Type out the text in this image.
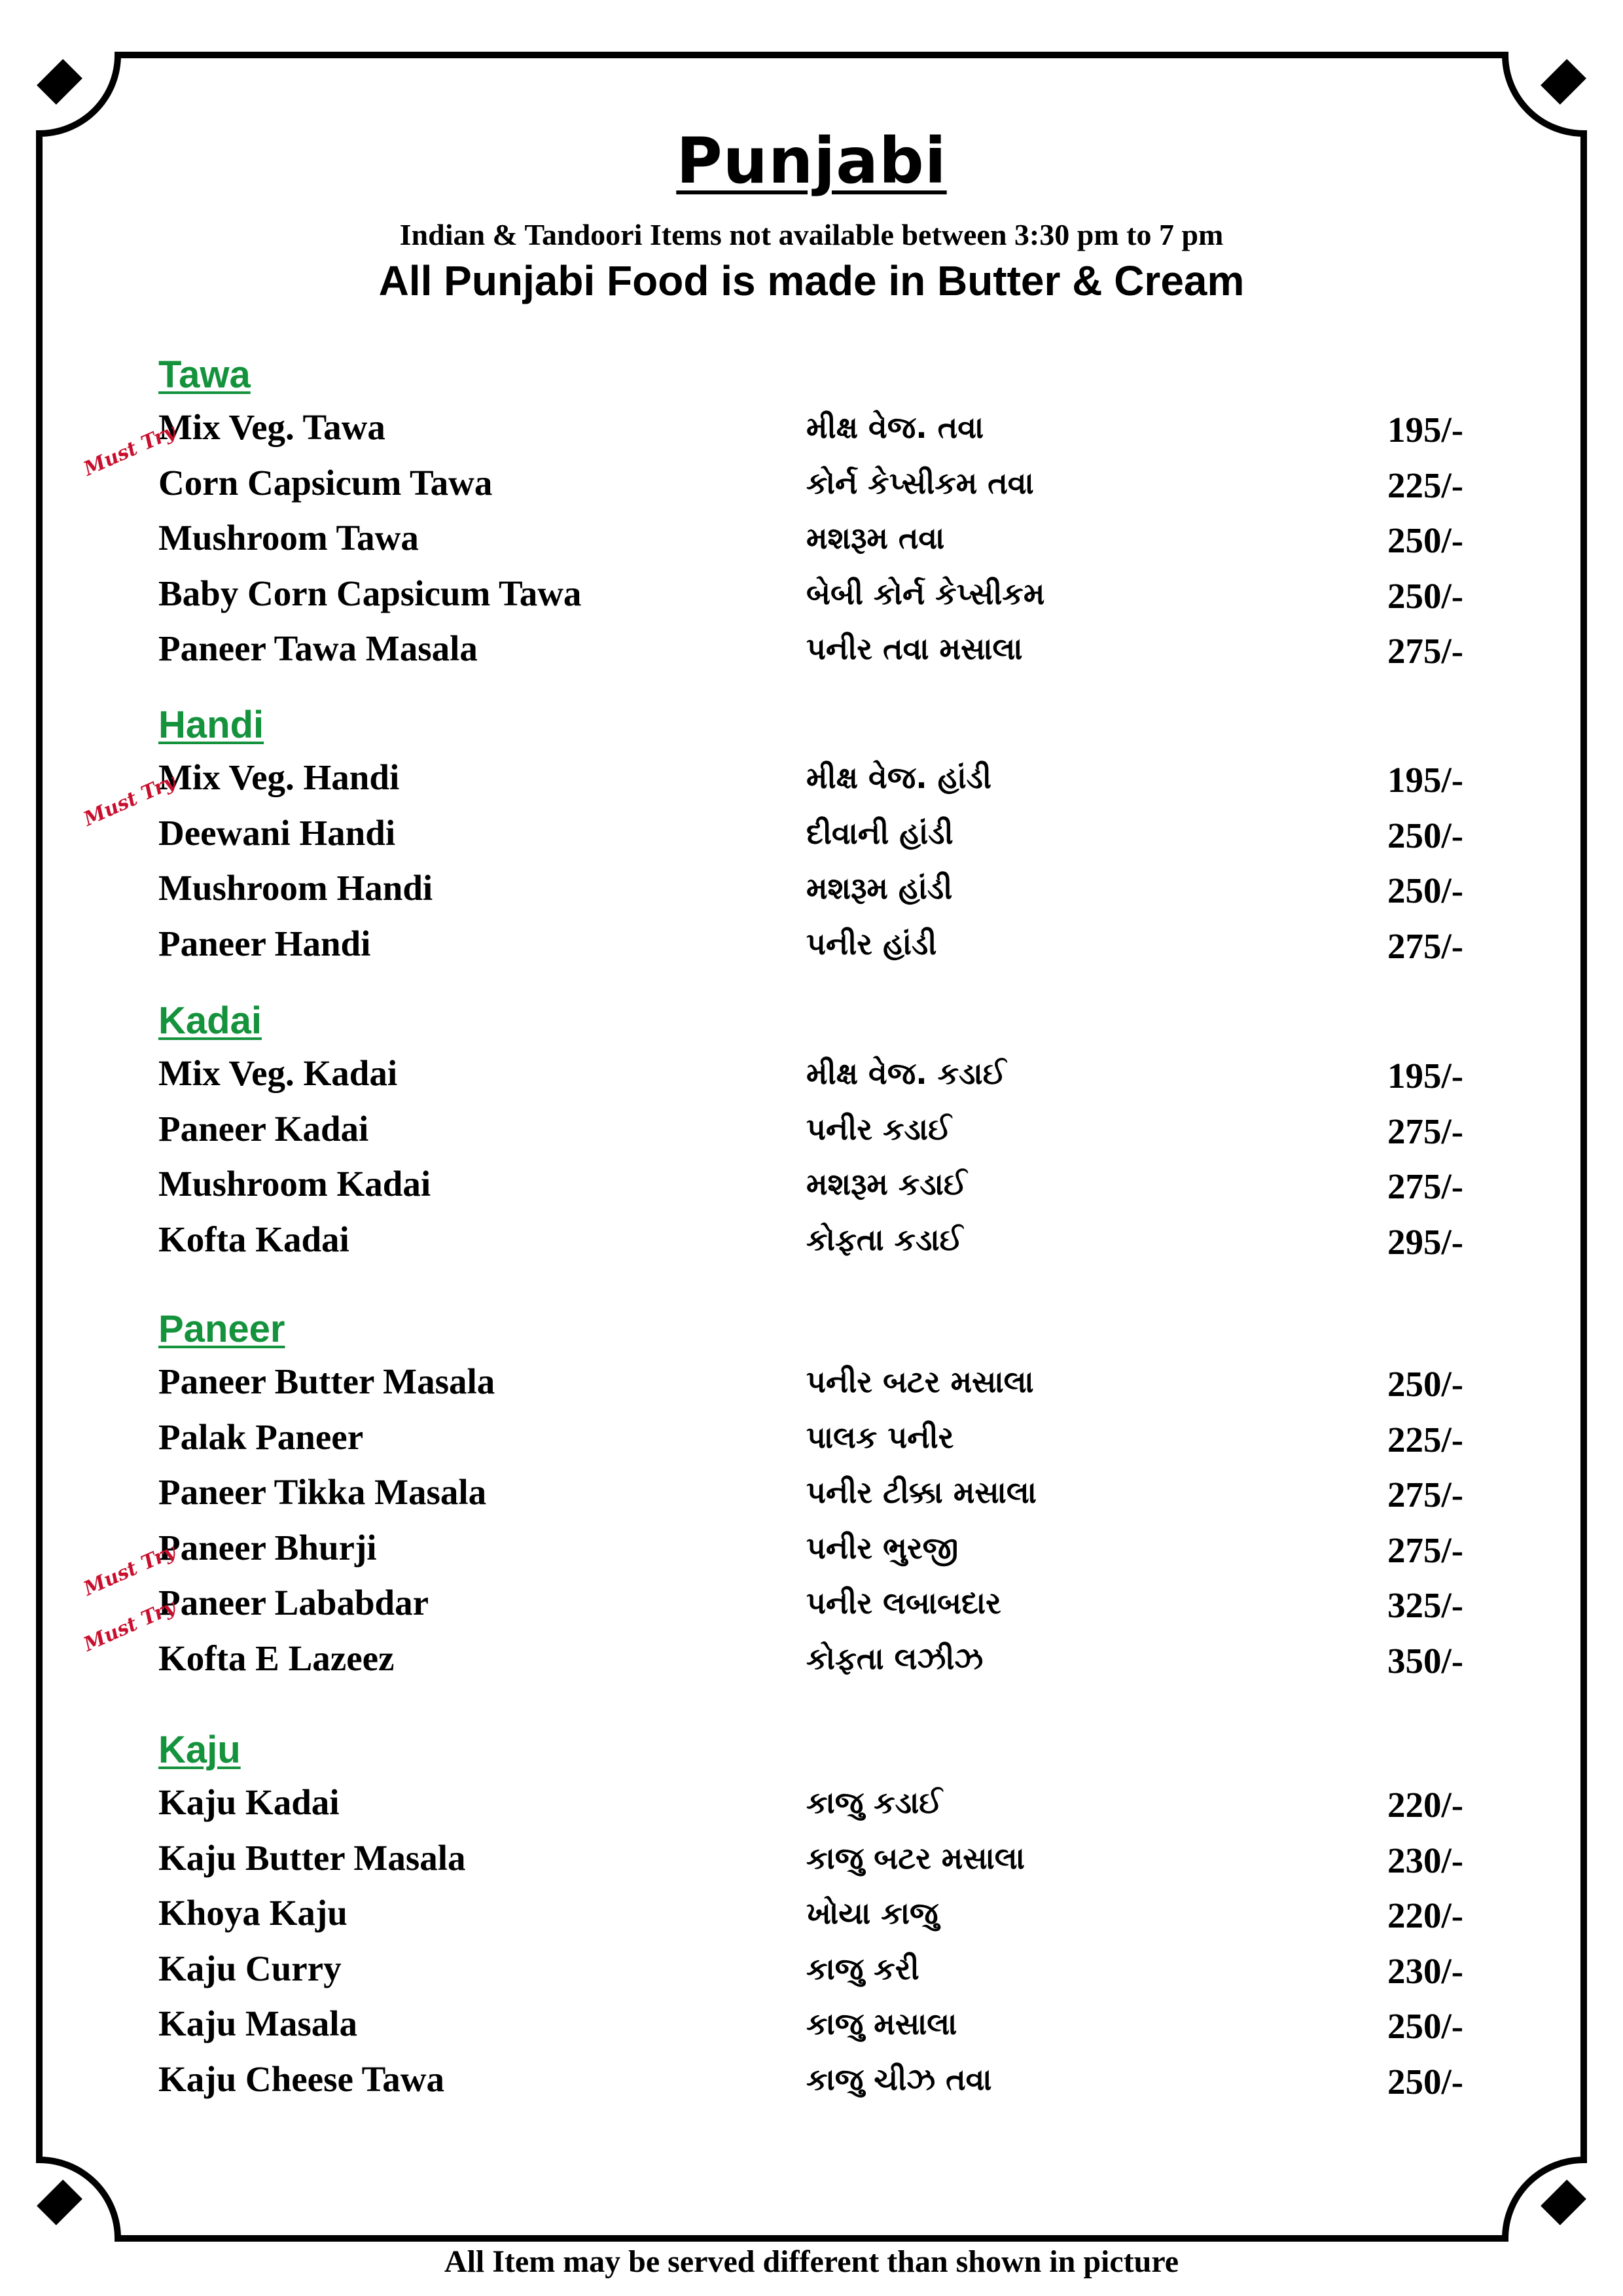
Punjabi
Indian & Tandoori Items not available between 3:30 pm to 7 pm
All Punjabi Food is made in Butter & Cream
Tawa
Mix Veg. Tawa	મીક્ષ વેજ. તવા	195/-
Must Try
Corn Capsicum Tawa	કોર્ન કેપ્સીકમ તવા	225/-
Mushroom Tawa	મશરૂમ તવા	250/-
Baby Corn Capsicum Tawa	બેબી કોર્ન કેપ્સીકમ	250/-
Paneer Tawa Masala	પનીર તવા મસાલા	275/-
Handi
Mix Veg. Handi	મીક્ષ વેજ. હાંડી	195/-
Must Try
Deewani Handi	દીવાની હાંડી	250/-
Mushroom Handi	મશરૂમ હાંડી	250/-
Paneer Handi	પનીર હાંડી	275/-
Kadai
Mix Veg. Kadai	મીક્ષ વેજ. કડાઈ	195/-
Paneer Kadai	પનીર કડાઈ	275/-
Mushroom Kadai	મશરૂમ કડાઈ	275/-
Kofta Kadai	કોફતા કડાઈ	295/-
Paneer
Paneer Butter Masala	પનીર બટર મસાલા	250/-
Palak Paneer	પાલક પનીર	225/-
Paneer Tikka Masala	પનીર ટીક્કા મસાલા	275/-
Paneer Bhurji	પનીર ભુરજી	275/-
Must Try
Paneer Lababdar	પનીર લબાબદાર	325/-
Must Try
Kofta E Lazeez	કોફતા લઝીઝ	350/-
Kaju
Kaju Kadai	કાજુ કડાઈ	220/-
Kaju Butter Masala	કાજુ બટર મસાલા	230/-
Khoya Kaju	ખોયા કાજુ	220/-
Kaju Curry	કાજુ કરી	230/-
Kaju Masala	કાજુ મસાલા	250/-
Kaju Cheese Tawa	કાજુ ચીઝ તવા	250/-
All Item may be served different than shown in picture
